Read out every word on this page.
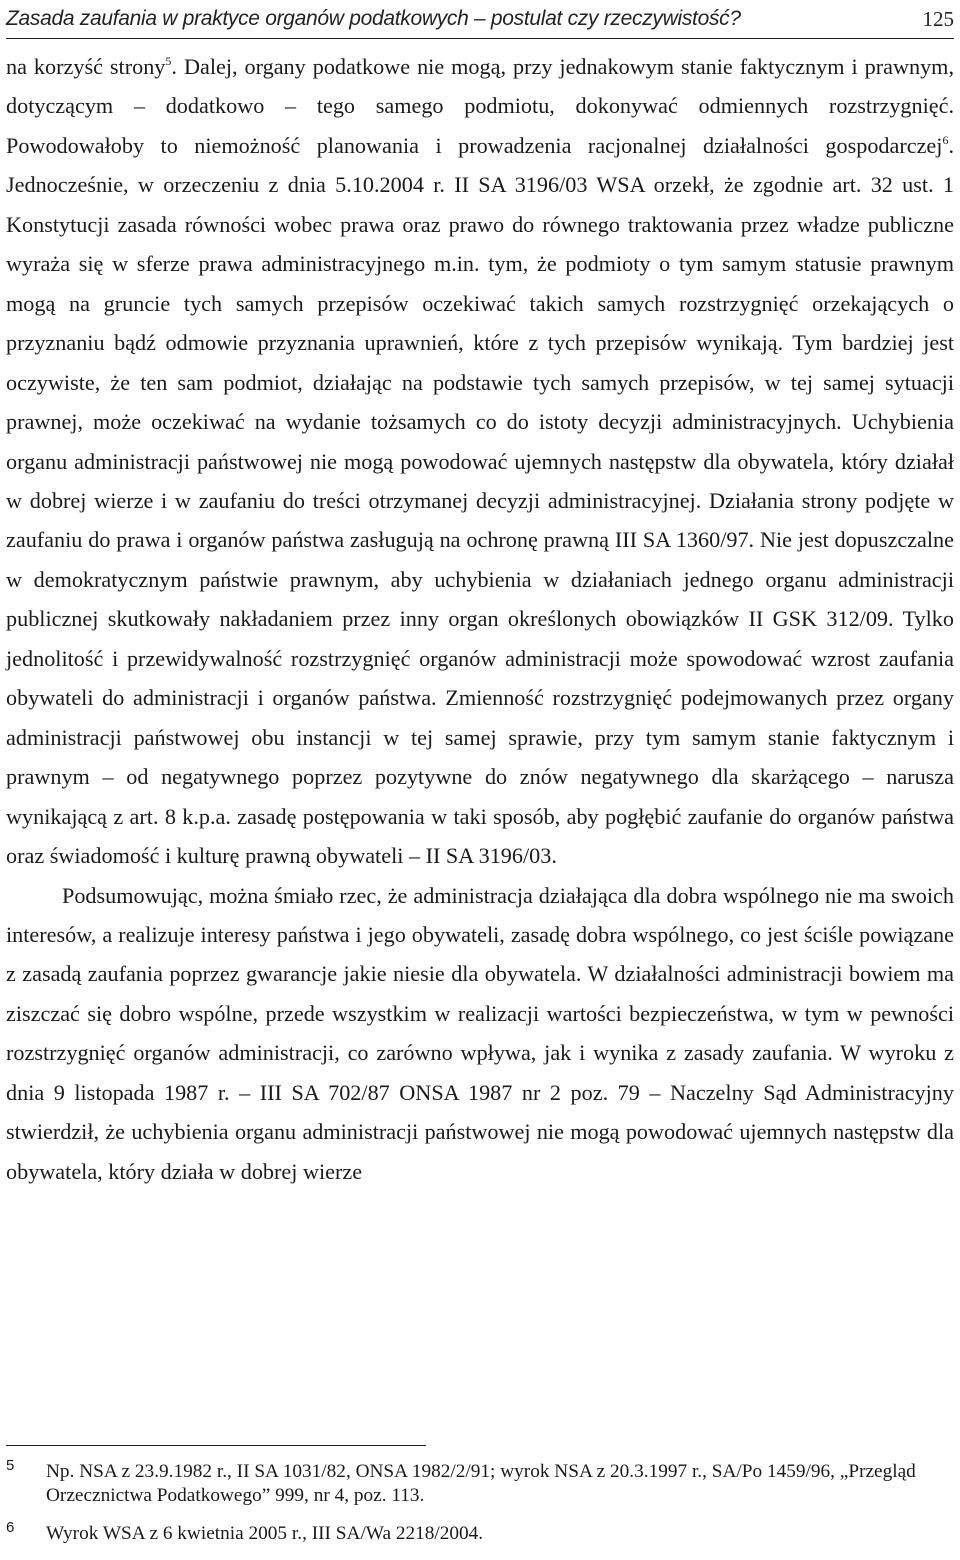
Zasada zaufania w praktyce organów podatkowych – postulat czy rzeczywistość?	125

na korzyść strony$^5$. Dalej, organy podatkowe nie mogą, przy jednakowym stanie faktycznym i prawnym, dotyczącym – dodatkowo – tego samego podmiotu, dokonywać odmiennych rozstrzygnięć. Powodowałoby to niemożność planowania i prowadzenia racjonalnej działalności gospodarczej$^6$. Jednocześnie, w orzeczeniu z dnia 5.10.2004 r. II SA 3196/03 WSA orzekł, że zgodnie art. 32 ust. 1 Konstytucji zasada równości wobec prawa oraz prawo do równego traktowania przez władze publiczne wyraża się w sferze prawa administracyjnego m.in. tym, że podmioty o tym samym statusie prawnym mogą na gruncie tych samych przepisów oczekiwać takich samych rozstrzygnięć orzekających o przyznaniu bądź odmowie przyznania uprawnień, które z tych przepisów wynikają. Tym bardziej jest oczywiste, że ten sam podmiot, działając na podstawie tych samych przepisów, w tej samej sytuacji prawnej, może oczekiwać na wydanie tożsamych co do istoty decyzji administracyjnych. Uchybienia organu administracji państwowej nie mogą powodować ujemnych następstw dla obywatela, który działał w dobrej wierze i w zaufaniu do treści otrzymanej decyzji administracyjnej. Działania strony podjęte w zaufaniu do prawa i organów państwa zasługują na ochronę prawną III SA 1360/97. Nie jest dopuszczalne w demokratycznym państwie prawnym, aby uchybienia w działaniach jednego organu administracji publicznej skutkowały nakładaniem przez inny organ określonych obowiązków II GSK 312/09. Tylko jednolitość i przewidywalność rozstrzygnięć organów administracji może spowodować wzrost zaufania obywateli do administracji i organów państwa. Zmienność rozstrzygnięć podejmowanych przez organy administracji państwowej obu instancji w tej samej sprawie, przy tym samym stanie faktycznym i prawnym – od negatywnego poprzez pozytywne do znów negatywnego dla skarżącego – narusza wynikającą z art. 8 k.p.a. zasadę postępowania w taki sposób, aby pogłębić zaufanie do organów państwa oraz świadomość i kulturę prawną obywateli – II SA 3196/03.

Podsumowując, można śmiało rzec, że administracja działająca dla dobra wspólnego nie ma swoich interesów, a realizuje interesy państwa i jego obywateli, zasadę dobra wspólnego, co jest ściśle powiązane z zasadą zaufania poprzez gwarancje jakie niesie dla obywatela. W działalności administracji bowiem ma ziszczać się dobro wspólne, przede wszystkim w realizacji wartości bezpieczeństwa, w tym w pewności rozstrzygnięć organów administracji, co zarówno wpływa, jak i wynika z zasady zaufania. W wyroku z dnia 9 listopada 1987 r. – III SA 702/87 ONSA 1987 nr 2 poz. 79 – Naczelny Sąd Administracyjny stwierdził, że uchybienia organu administracji państwowej nie mogą powodować ujemnych następstw dla obywatela, który działa w dobrej wierze

5	Np. NSA z 23.9.1982 r., II SA 1031/82, ONSA 1982/2/91; wyrok NSA z 20.3.1997 r., SA/Po 1459/96, „Przegląd Orzecznictwa Podatkowego” 999, nr 4, poz. 113.
6	Wyrok WSA z 6 kwietnia 2005 r., III SA/Wa 2218/2004.
